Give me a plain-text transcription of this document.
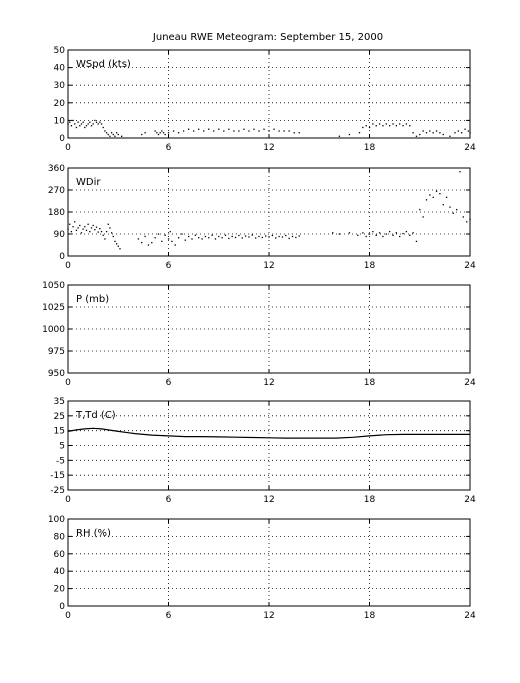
Juneau RWE Meteogram: September 15, 2000
0	6	12	18	24
0
10
20
30
40
50
WSpd (kts)
0	6	12	18	24
0
90
180
270
360
WDir
0	6	12	18	24
950
975
1000
1025
1050
P (mb)
0	6	12	18	24
-25
-15
-5
5
15
25
35
T,Td (C)
0	6	12	18	24
0
20
40
60
80
100
RH (%)
